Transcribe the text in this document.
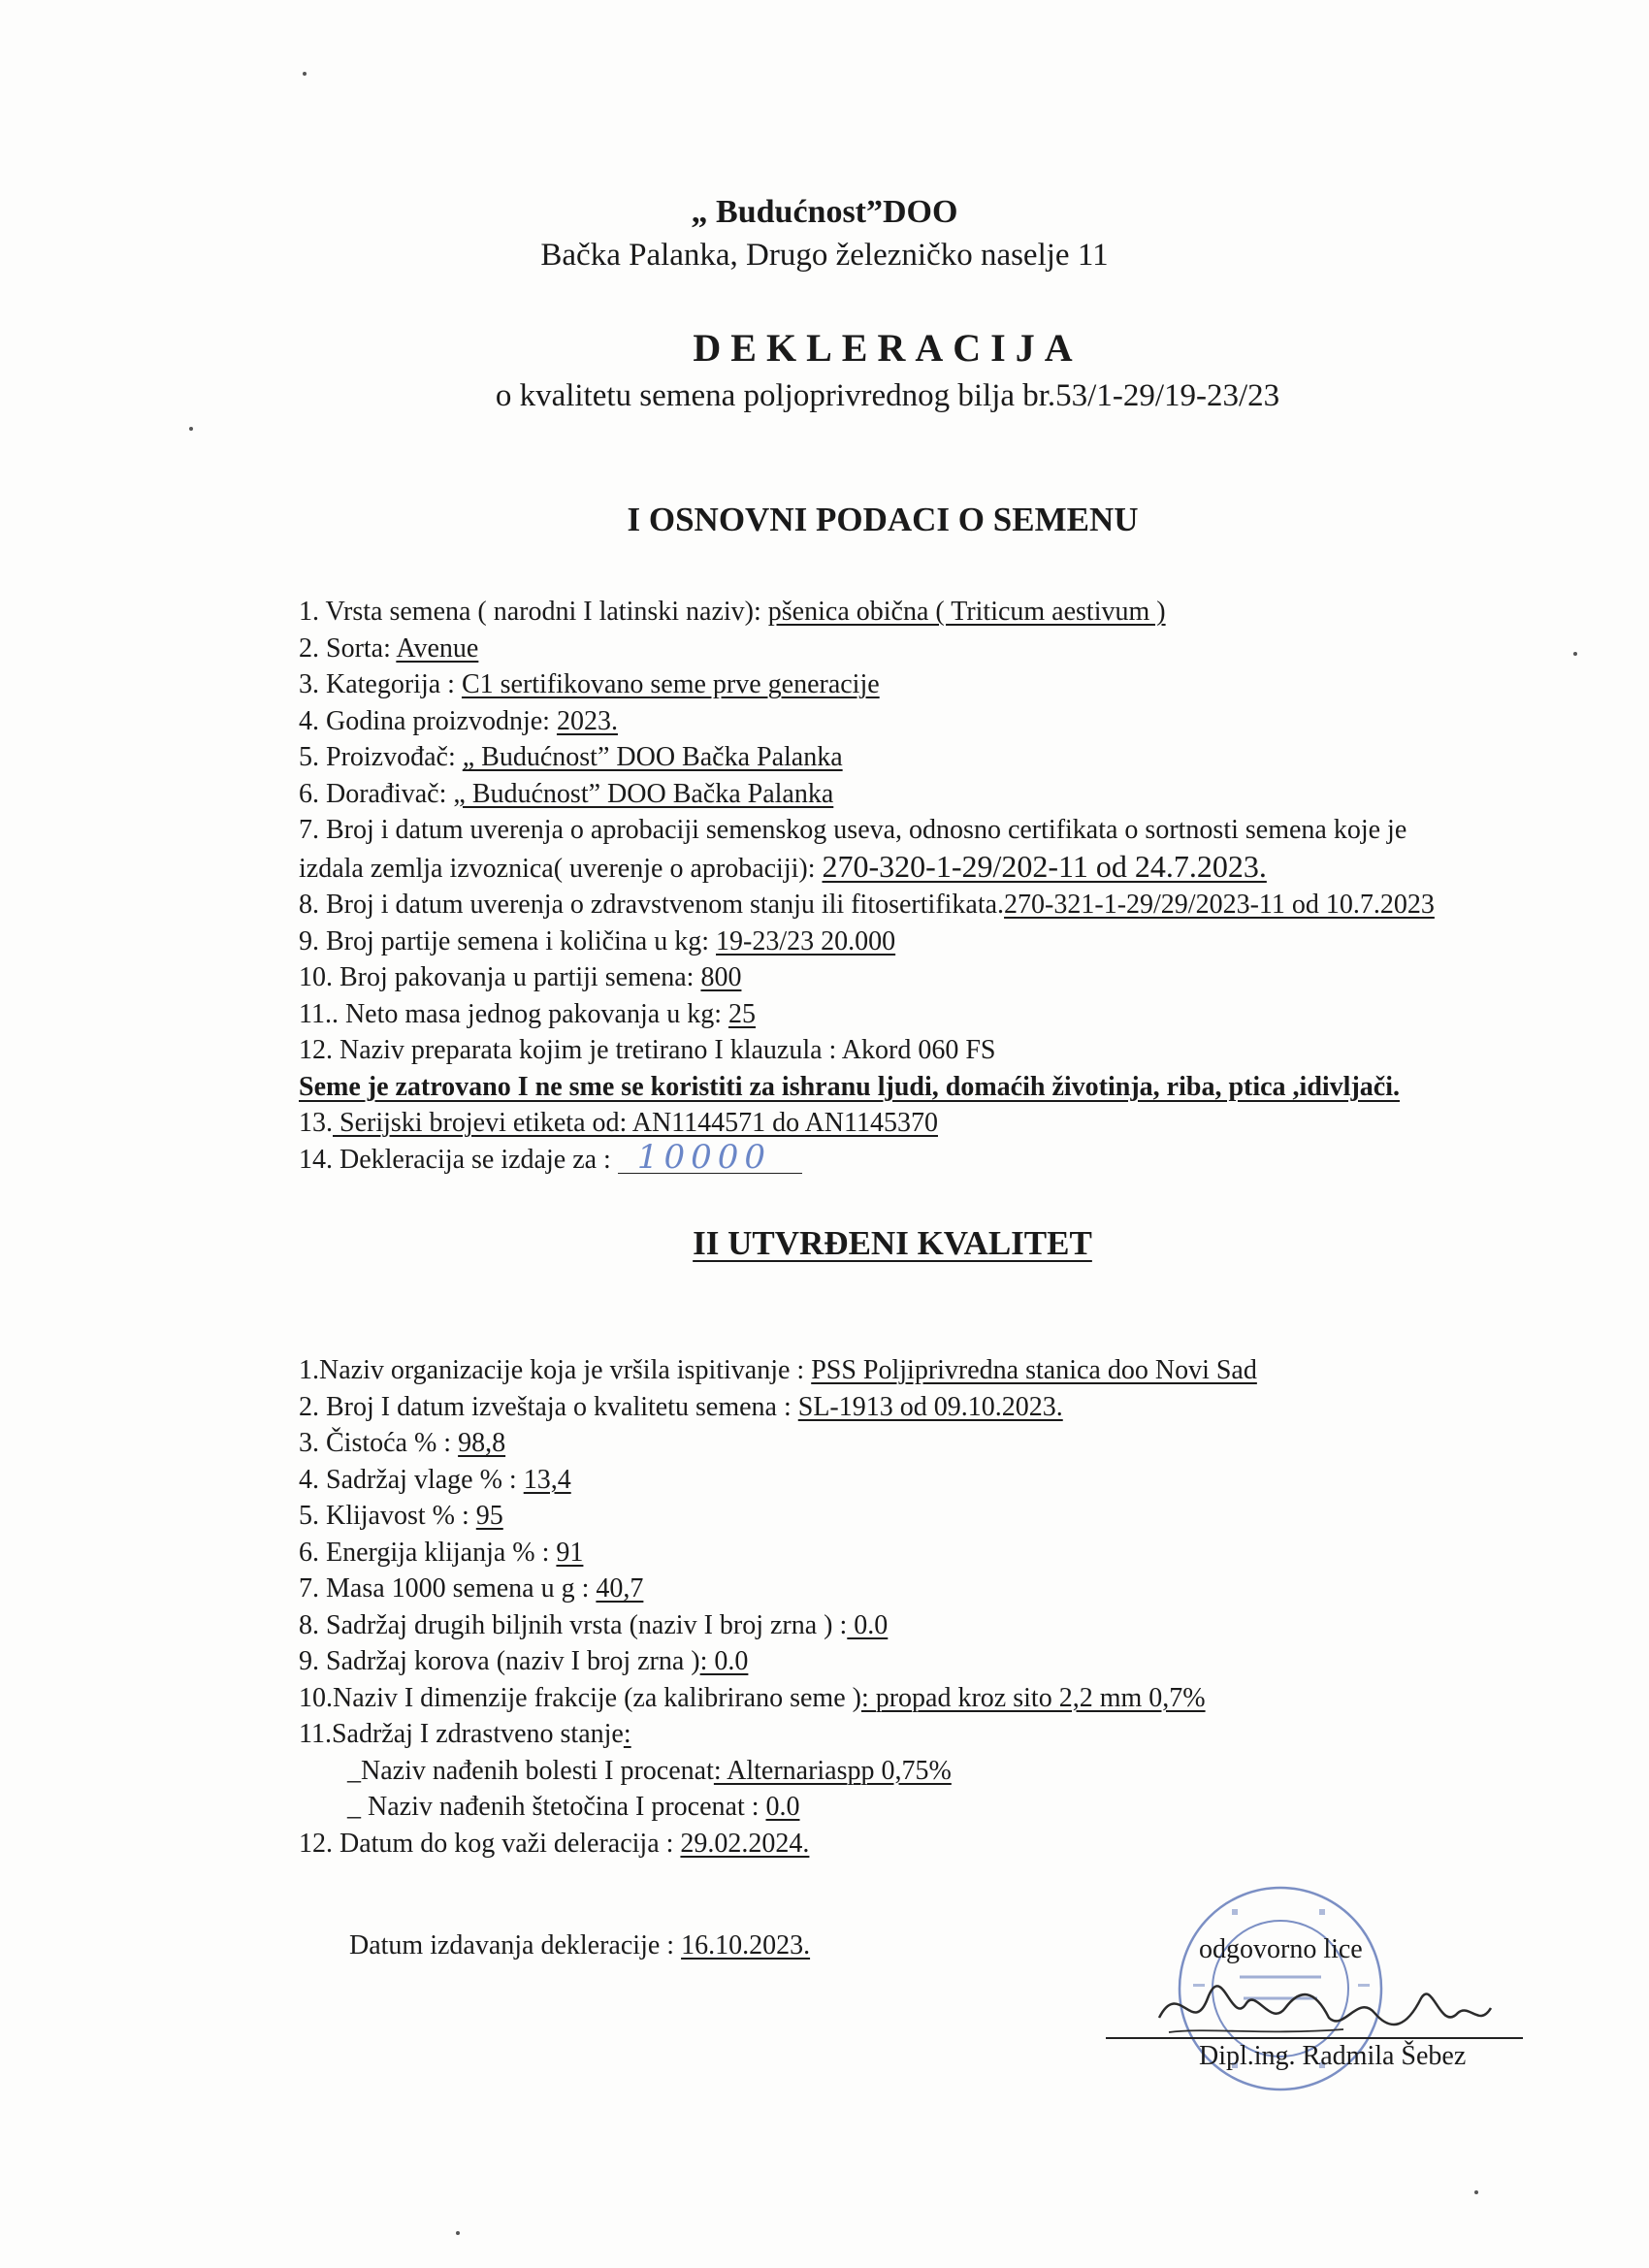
„ Budućnost”DOO
Bačka Palanka, Drugo železničko naselje 11
DEKLERACIJA
o kvalitetu semena poljoprivrednog bilja br.53/1-29/19-23/23
I OSNOVNI PODACI O SEMENU
1. Vrsta semena ( narodni I latinski naziv): pšenica obična ( Triticum aestivum )
2. Sorta: Avenue
3. Kategorija : C1 sertifikovano seme prve generacije
4. Godina proizvodnje: 2023.
5. Proizvođač: „ Budućnost” DOO Bačka Palanka
6. Dorađivač: „ Budućnost” DOO Bačka Palanka
7. Broj i datum uverenja o aprobaciji semenskog useva, odnosno certifikata o sortnosti semena koje je
izdala zemlja izvoznica( uverenje o aprobaciji): 270-320-1-29/202-11 od 24.7.2023.
8. Broj i datum uverenja o zdravstvenom stanju ili fitosertifikata.270-321-1-29/29/2023-11 od 10.7.2023
9. Broj partije semena i količina u kg: 19-23/23 20.000
10. Broj pakovanja u partiji semena: 800
11.. Neto masa jednog pakovanja u kg: 25
12. Naziv preparata kojim je tretirano I klauzula : Akord 060 FS
Seme je zatrovano I ne sme se koristiti za ishranu ljudi, domaćih životinja, riba, ptica ,idivljači.
13. Serijski brojevi etiketa od: AN1144571 do AN1145370
14. Dekleracija se izdaje za : 10000
II UTVRĐENI KVALITET
1.Naziv organizacije koja je vršila ispitivanje : PSS Poljiprivredna stanica doo Novi Sad
2. Broj I datum izveštaja o kvalitetu semena : SL-1913 od 09.10.2023.
3. Čistoća % : 98,8
4. Sadržaj vlage % : 13,4
5. Klijavost % : 95
6. Energija klijanja % : 91
7. Masa 1000 semena u g : 40,7
8. Sadržaj drugih biljnih vrsta (naziv I broj zrna ) : 0.0
9. Sadržaj korova (naziv I broj zrna ): 0.0
10.Naziv I dimenzije frakcije (za kalibrirano seme ): propad kroz sito 2,2 mm 0,7%
11.Sadržaj I zdrastveno stanje:
_Naziv nađenih bolesti I procenat: Alternariaspp 0,75%
_ Naziv nađenih štetočina I procenat : 0.0
12. Datum do kog važi deleracija : 29.02.2024.
Datum izdavanja dekleracije : 16.10.2023.	odgovorno lice
Dipl.ing. Radmila Šebez
